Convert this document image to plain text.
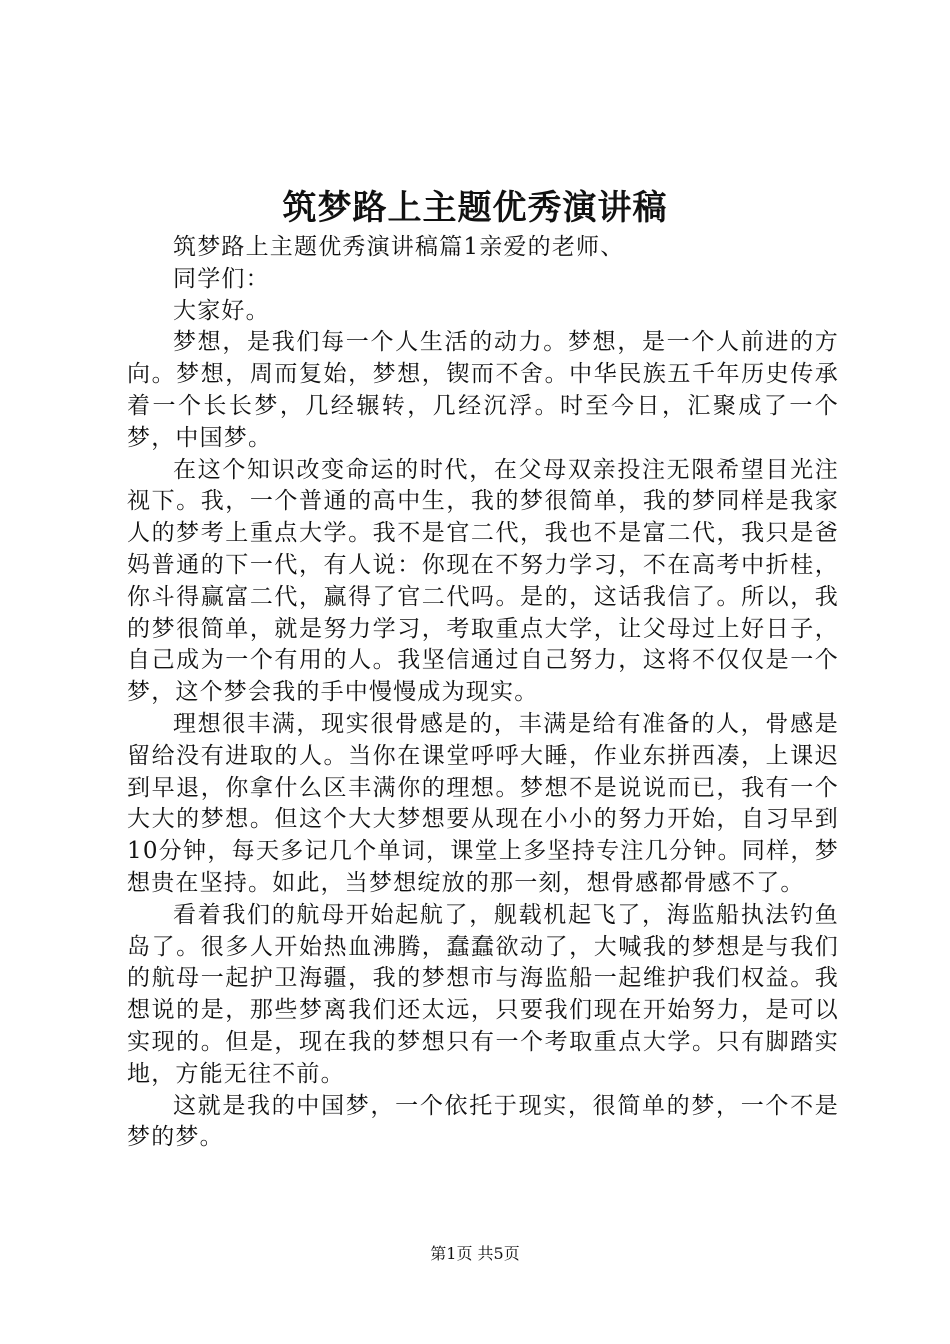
筑梦路上主题优秀演讲稿

筑梦路上主题优秀演讲稿篇1亲爱的老师、

同学们：

大家好。

梦想，是我们每一个人生活的动力。梦想，是一个人前进的方向。梦想，周而复始，梦想，锲而不舍。中华民族五千年历史传承着一个长长梦，几经辗转，几经沉浮。时至今日，汇聚成了一个梦，中国梦。

在这个知识改变命运的时代，在父母双亲投注无限希望目光注视下。我，一个普通的高中生，我的梦很简单，我的梦同样是我家人的梦考上重点大学。我不是官二代，我也不是富二代，我只是爸妈普通的下一代，有人说：你现在不努力学习，不在高考中折桂，你斗得赢富二代，赢得了官二代吗。是的，这话我信了。所以，我的梦很简单，就是努力学习，考取重点大学，让父母过上好日子，自己成为一个有用的人。我坚信通过自己努力，这将不仅仅是一个梦，这个梦会我的手中慢慢成为现实。

理想很丰满，现实很骨感是的，丰满是给有准备的人，骨感是留给没有进取的人。当你在课堂呼呼大睡，作业东拼西凑，上课迟到早退，你拿什么区丰满你的理想。梦想不是说说而已，我有一个大大的梦想。但这个大大梦想要从现在小小的努力开始，自习早到10分钟，每天多记几个单词，课堂上多坚持专注几分钟。同样，梦想贵在坚持。如此，当梦想绽放的那一刻，想骨感都骨感不了。

看着我们的航母开始起航了，舰载机起飞了，海监船执法钓鱼岛了。很多人开始热血沸腾，蠢蠢欲动了，大喊我的梦想是与我们的航母一起护卫海疆，我的梦想市与海监船一起维护我们权益。我想说的是，那些梦离我们还太远，只要我们现在开始努力，是可以实现的。但是，现在我的梦想只有一个考取重点大学。只有脚踏实地，方能无往不前。

这就是我的中国梦，一个依托于现实，很简单的梦，一个不是梦的梦。

第1页 共5页
